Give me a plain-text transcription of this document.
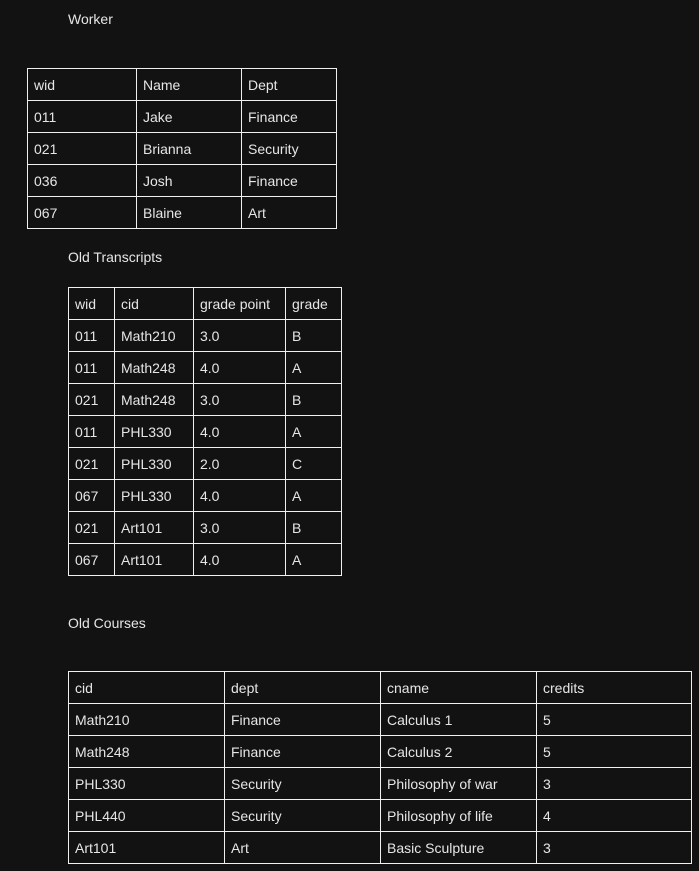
Worker

wid	Name	Dept
011	Jake	Finance
021	Brianna	Security
036	Josh	Finance
067	Blaine	Art

Old Transcripts

wid	cid	grade point	grade
011	Math210	3.0	B
011	Math248	4.0	A
021	Math248	3.0	B
011	PHL330	4.0	A
021	PHL330	2.0	C
067	PHL330	4.0	A
021	Art101	3.0	B
067	Art101	4.0	A

Old Courses

cid	dept	cname	credits
Math210	Finance	Calculus 1	5
Math248	Finance	Calculus 2	5
PHL330	Security	Philosophy of war	3
PHL440	Security	Philosophy of life	4
Art101	Art	Basic Sculpture	3
